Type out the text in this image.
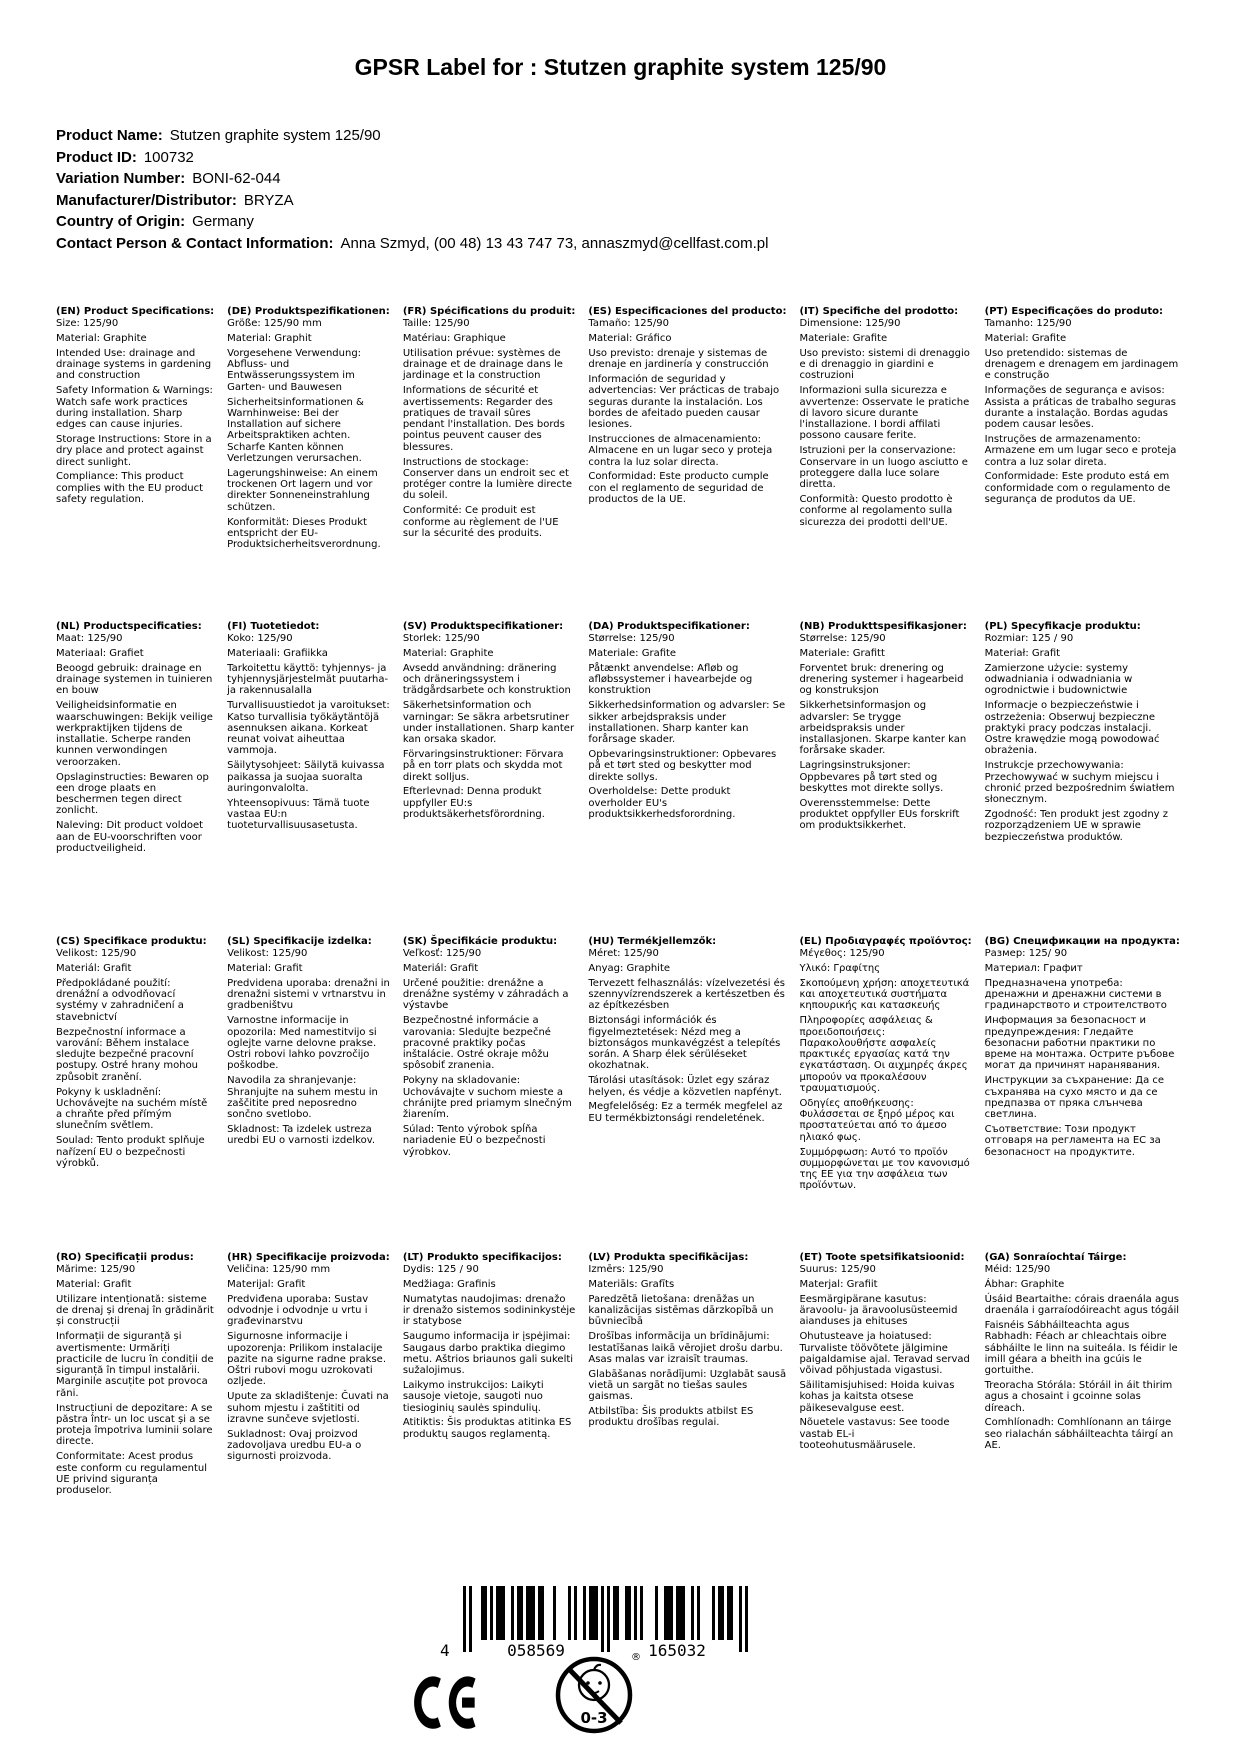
GPSR Label for : Stutzen graphite system 125/90
Product Name: Stutzen graphite system 125/90
Product ID: 100732
Variation Number: BONI-62-044
Manufacturer/Distributor: BRYZA
Country of Origin: Germany
Contact Person & Contact Information: Anna Szmyd, (00 48) 13 43 747 73, annaszmyd@cellfast.com.pl
(EN) Product Specifications:

Size: 125/90

Material: Graphite

Intended Use: drainage and drainage systems in gardening and construction

Safety Information & Warnings: Watch safe work practices during installation. Sharp edges can cause injuries.

Storage Instructions: Store in a dry place and protect against direct sunlight.

Compliance: This product complies with the EU product safety regulation.

(DE) Produktspezifikationen:

Größe: 125/90 mm

Material: Graphit

Vorgesehene Verwendung: Abfluss- und Entwässerungssystem im Garten- und Bauwesen

Sicherheitsinformationen & Warnhinweise: Bei der Installation auf sichere Arbeitspraktiken achten. Scharfe Kanten können Verletzungen verursachen.

Lagerungshinweise: An einem trockenen Ort lagern und vor direkter Sonneneinstrahlung schützen.

Konformität: Dieses Produkt entspricht der EU-Produktsicherheitsverordnung.

(FR) Spécifications du produit:

Taille: 125/90

Matériau: Graphique

Utilisation prévue: systèmes de drainage et de drainage dans le jardinage et la construction

Informations de sécurité et avertissements: Regarder des pratiques de travail sûres pendant l'installation. Des bords pointus peuvent causer des blessures.

Instructions de stockage: Conserver dans un endroit sec et protéger contre la lumière directe du soleil.

Conformité: Ce produit est conforme au règlement de l'UE sur la sécurité des produits.

(ES) Especificaciones del producto:

Tamaño: 125/90

Material: Gráfico

Uso previsto: drenaje y sistemas de drenaje en jardinería y construcción

Información de seguridad y advertencias: Ver prácticas de trabajo seguras durante la instalación. Los bordes de afeitado pueden causar lesiones.

Instrucciones de almacenamiento: Almacene en un lugar seco y proteja contra la luz solar directa.

Conformidad: Este producto cumple con el reglamento de seguridad de productos de la UE.

(IT) Specifiche del prodotto:

Dimensione: 125/90

Materiale: Grafite

Uso previsto: sistemi di drenaggio e di drenaggio in giardini e costruzioni

Informazioni sulla sicurezza e avvertenze: Osservate le pratiche di lavoro sicure durante l'installazione. I bordi affilati possono causare ferite.

Istruzioni per la conservazione: Conservare in un luogo asciutto e proteggere dalla luce solare diretta.

Conformità: Questo prodotto è conforme al regolamento sulla sicurezza dei prodotti dell'UE.

(PT) Especificações do produto:

Tamanho: 125/90

Material: Grafite

Uso pretendido: sistemas de drenagem e drenagem em jardinagem e construção

Informações de segurança e avisos: Assista a práticas de trabalho seguras durante a instalação. Bordas agudas podem causar lesões.

Instruções de armazenamento: Armazene em um lugar seco e proteja contra a luz solar direta.

Conformidade: Este produto está em conformidade com o regulamento de segurança de produtos da UE.

(NL) Productspecificaties:

Maat: 125/90

Materiaal: Grafiet

Beoogd gebruik: drainage en drainage systemen in tuinieren en bouw

Veiligheidsinformatie en waarschuwingen: Bekijk veilige werkpraktijken tijdens de installatie. Scherpe randen kunnen verwondingen veroorzaken.

Opslaginstructies: Bewaren op een droge plaats en beschermen tegen direct zonlicht.

Naleving: Dit product voldoet aan de EU-voorschriften voor productveiligheid.

(FI) Tuotetiedot:

Koko: 125/90

Materiaali: Grafiikka

Tarkoitettu käyttö: tyhjennys- ja tyhjennysjärjestelmät puutarha- ja rakennusalalla

Turvallisuustiedot ja varoitukset: Katso turvallisia työkäytäntöjä asennuksen aikana. Korkeat reunat voivat aiheuttaa vammoja.

Säilytysohjeet: Säilytä kuivassa paikassa ja suojaa suoralta auringonvalolta.

Yhteensopivuus: Tämä tuote vastaa EU:n tuoteturvallisuusasetusta.

(SV) Produktspecifikationer:

Storlek: 125/90

Material: Graphite

Avsedd användning: dränering och dräneringssystem i trädgårdsarbete och konstruktion

Säkerhetsinformation och varningar: Se säkra arbetsrutiner under installationen. Sharp kanter kan orsaka skador.

Förvaringsinstruktioner: Förvara på en torr plats och skydda mot direkt solljus.

Efterlevnad: Denna produkt uppfyller EU:s produktsäkerhetsförordning.

(DA) Produktspecifikationer:

Størrelse: 125/90

Materiale: Grafite

Påtænkt anvendelse: Afløb og afløbssystemer i havearbejde og konstruktion

Sikkerhedsinformation og advarsler: Se sikker arbejdspraksis under installationen. Sharp kanter kan forårsage skader.

Opbevaringsinstruktioner: Opbevares på et tørt sted og beskytter mod direkte sollys.

Overholdelse: Dette produkt overholder EU's produktsikkerhedsforordning.

(NB) Produkttspesifikasjoner:

Størrelse: 125/90

Materiale: Grafitt

Forventet bruk: drenering og drenering systemer i hagearbeid og konstruksjon

Sikkerhetsinformasjon og advarsler: Se trygge arbeidspraksis under installasjonen. Skarpe kanter kan forårsake skader.

Lagringsinstruksjoner: Oppbevares på tørt sted og beskyttes mot direkte sollys.

Overensstemmelse: Dette produktet oppfyller EUs forskrift om produktsikkerhet.

(PL) Specyfikacje produktu:

Rozmiar: 125 / 90

Materiał: Grafit

Zamierzone użycie: systemy odwadniania i odwadniania w ogrodnictwie i budownictwie

Informacje o bezpieczeństwie i ostrzeżenia: Obserwuj bezpieczne praktyki pracy podczas instalacji. Ostre krawędzie mogą powodować obrażenia.

Instrukcje przechowywania: Przechowywać w suchym miejscu i chronić przed bezpośrednim światłem słonecznym.

Zgodność: Ten produkt jest zgodny z rozporządzeniem UE w sprawie bezpieczeństwa produktów.

(CS) Specifikace produktu:

Velikost: 125/90

Materiál: Grafit

Předpokládané použití: drenážní a odvodňovací systémy v zahradničení a stavebnictví

Bezpečnostní informace a varování: Během instalace sledujte bezpečné pracovní postupy. Ostré hrany mohou způsobit zranění.

Pokyny k uskladnění: Uchovávejte na suchém místě a chraňte před přímým slunečním světlem.

Soulad: Tento produkt splňuje nařízení EU o bezpečnosti výrobků.

(SL) Specifikacije izdelka:

Velikost: 125/90

Material: Grafit

Predvidena uporaba: drenažni in drenažni sistemi v vrtnarstvu in gradbeništvu

Varnostne informacije in opozorila: Med namestitvijo si oglejte varne delovne prakse. Ostri robovi lahko povzročijo poškodbe.

Navodila za shranjevanje: Shranjujte na suhem mestu in zaščitite pred neposredno sončno svetlobo.

Skladnost: Ta izdelek ustreza uredbi EU o varnosti izdelkov.

(SK) Špecifikácie produktu:

Veľkosť: 125/90

Materiál: Grafit

Určené použitie: drenážne a drenážne systémy v záhradách a výstavbe

Bezpečnostné informácie a varovania: Sledujte bezpečné pracovné praktiky počas inštalácie. Ostré okraje môžu spôsobiť zranenia.

Pokyny na skladovanie: Uchovávajte v suchom mieste a chránijte pred priamym slnečným žiarením.

Súlad: Tento výrobok spĺňa nariadenie EÚ o bezpečnosti výrobkov.

(HU) Termékjellemzők:

Méret: 125/90

Anyag: Graphite

Tervezett felhasználás: vízelvezetési és szennyvízrendszerek a kertészetben és az építkezésben

Biztonsági információk és figyelmeztetések: Nézd meg a biztonságos munkavégzést a telepítés során. A Sharp élek sérüléseket okozhatnak.

Tárolási utasítások: Üzlet egy száraz helyen, és védje a közvetlen napfényt.

Megfelelőség: Ez a termék megfelel az EU termékbiztonsági rendeletének.

(EL) Προδιαγραφές προϊόντος:

Μέγεθος: 125/90

Υλικό: Γραφίτης

Σκοπούμενη χρήση: αποχετευτικά και αποχετευτικά συστήματα κηπουρικής και κατασκευής

Πληροφορίες ασφάλειας & προειδοποιήσεις: Παρακολουθήστε ασφαλείς πρακτικές εργασίας κατά την εγκατάσταση. Οι αιχμηρές άκρες μπορούν να προκαλέσουν τραυματισμούς.

Οδηγίες αποθήκευσης: Φυλάσσεται σε ξηρό μέρος και προστατεύεται από το άμεσο ηλιακό φως.

Συμμόρφωση: Αυτό το προϊόν συμμορφώνεται με τον κανονισμό της ΕΕ για την ασφάλεια των προϊόντων.

(BG) Спецификации на продукта:

Размер: 125/ 90

Материал: Графит

Предназначена употреба: дренажни и дренажни системи в градинарството и строителството

Информация за безопасност и предупреждения: Гледайте безопасни работни практики по време на монтажа. Острите ръбове могат да причинят наранявания.

Инструкции за съхранение: Да се съхранява на сухо място и да се предпазва от пряка слънчева светлина.

Съответствие: Този продукт отговаря на регламента на ЕС за безопасност на продуктите.

(RO) Specificații produs:

Mărime: 125/90

Material: Grafit

Utilizare intenționată: sisteme de drenaj și drenaj în grădinărit și construcții

Informații de siguranță și avertismente: Urmăriți practicile de lucru în condiții de siguranță în timpul instalării. Marginile ascuțite pot provoca răni.

Instrucțiuni de depozitare: A se păstra într- un loc uscat și a se proteja împotriva luminii solare directe.

Conformitate: Acest produs este conform cu regulamentul UE privind siguranța produselor.

(HR) Specifikacije proizvoda:

Veličina: 125/90 mm

Materijal: Grafit

Predviđena uporaba: Sustav odvodnje i odvodnje u vrtu i građevinarstvu

Sigurnosne informacije i upozorenja: Prilikom instalacije pazite na sigurne radne prakse. Oštri rubovi mogu uzrokovati ozljede.

Upute za skladištenje: Čuvati na suhom mjestu i zaštititi od izravne sunčeve svjetlosti.

Sukladnost: Ovaj proizvod zadovoljava uredbu EU-a o sigurnosti proizvoda.

(LT) Produkto specifikacijos:

Dydis: 125 / 90

Medžiaga: Grafinis

Numatytas naudojimas: drenažo ir drenažo sistemos sodininkystėje ir statybose

Saugumo informacija ir įspėjimai: Saugaus darbo praktika diegimo metu. Aštrios briaunos gali sukelti sužalojimus.

Laikymo instrukcijos: Laikyti sausoje vietoje, saugoti nuo tiesioginių saulės spindulių.

Atitiktis: Šis produktas atitinka ES produktų saugos reglamentą.

(LV) Produkta specifikācijas:

Izmērs: 125/90

Materiāls: Grafīts

Paredzētā lietošana: drenāžas un kanalizācijas sistēmas dārzkopībā un būvniecībā

Drošības informācija un brīdinājumi: Iestatīšanas laikā vērojiet drošu darbu. Asas malas var izraisīt traumas.

Glabāšanas norādījumi: Uzglabāt sausā vietā un sargāt no tiešas saules gaismas.

Atbilstība: Šis produkts atbilst ES produktu drošības regulai.

(ET) Toote spetsifikatsioonid:

Suurus: 125/90

Materjal: Grafiit

Eesmärgipärane kasutus: äravoolu- ja äravoolusüsteemid aianduses ja ehituses

Ohutusteave ja hoiatused: Turvaliste töövõtete jälgimine paigaldamise ajal. Teravad servad võivad põhjustada vigastusi.

Säilitamisjuhised: Hoida kuivas kohas ja kaitsta otsese päikesevalguse eest.

Nõuetele vastavus: See toode vastab EL-i tooteohutusmäärusele.

(GA) Sonraíochtaí Táirge:

Méid: 125/90

Ábhar: Graphite

Úsáid Beartaithe: córais draenála agus draenála i garraíodóireacht agus tógáil

Faisnéis Sábháilteachta agus Rabhadh: Féach ar chleachtais oibre sábháilte le linn na suiteála. Is féidir le imill géara a bheith ina gcúis le gortuithe.

Treoracha Stórála: Stóráil in áit thirim agus a chosaint i gcoinne solas díreach.

Comhlíonadh: Comhlíonann an táirge seo rialachán sábháilteachta táirgí an AE.

4	058569	165032
0-3
®
